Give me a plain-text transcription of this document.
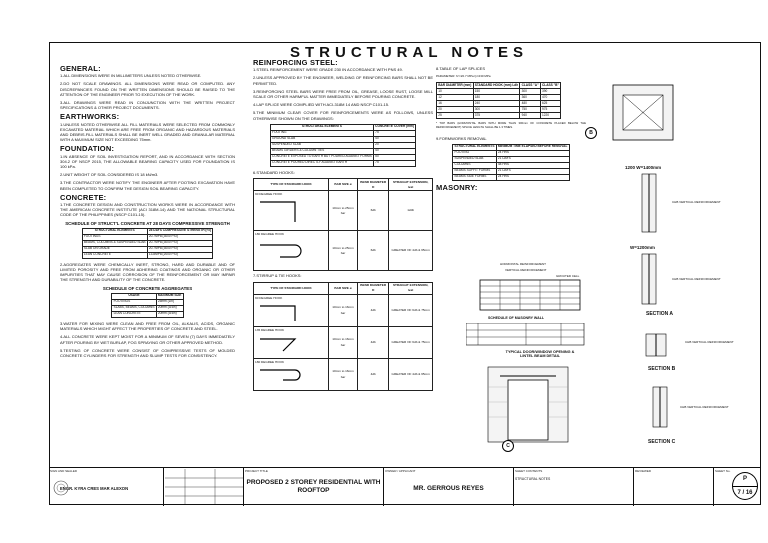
STRUCTURAL NOTES
GENERAL:

1.ALL DIMENSIONS WERE IN MILLIMETERS UNLESS NOTED OTHERWISE.

2.DO NOT SCALE DRAWINGS. ALL DIMENSIONS WERE READ OR COMPUTED. ANY DISCREPANCIES FOUND ON THE WRITTEN DIMENSIONS SHOULD BE RAISED TO THE ATTENTION OF THE ENGINEER PRIOR TO EXECUTION OF THE WORK.

3.ALL DRAWINGS WERE READ IN CONJUNCTION WITH THE WRITTEN PROJECT SPECIFICATIONS & OTHER PROJECT DOCUMENTS.

EARTHWORKS:

1.UNLESS NOTED OTHERWISE ALL FILL MATERIALS WERE SELECTED FROM COMMONLY EXCAVATED MATERIAL WHICH ARE FREE FROM ORGANIC AND HAZARDOUS MATERIALS AND DEBRIS.FILL MATERIALS SHALL BE INERT WELL GRADED AND GRANULAR MATERIAL WITH A MAXIMUM SIZE NOT EXCEEDING 75mm.

FOUNDATION:

1.IN ABSENCE OF SOIL INVESTIGATION REPORT, AND IN ACCORDANCE WITH SECTION 304.2 OF NSCP 2015, THE ALLOWABLE BEARING CAPACITY USED FOR FOUNDATION IS 100 kPa.

2.UNIT WEIGHT OF SOIL CONSIDERED IS 18 kN/m3.

3.THE CONTRACTOR WERE NOTIFY THE ENGINEER AFTER FOOTING EXCAVATION HAVE BEEN COMPLETED TO CONFIRM THE DESIGN SOIL BEARING CAPACITY.

CONCRETE:

1.THE CONCRETE DESIGN AND CONSTRUCTION WORKS WERE IN ACCORDANCE WITH THE AMERICAN CONCRETE INSTITUTE (ACI 318M-14) AND THE NATIONAL STRUCTURAL CODE OF THE PHILIPPINES (NSCP C101-15).

SCHEDULE OF STRUCT'L CONCRETE AT 28 DAYS COMPRESSIVE STRENGTH
STRUCTURAL ELEMENTS	28 DAYS COMPRESSIVE STRENGTH (f'c)
FOOTINGS	20.7MPa (3000 PSI)
BEAMS, COLUMNS & SUSPENDED SLAB	20.7MPa (3000 PSI)
SLAB ON GRADE	20.7MPa (3000 PSI)
LEAN CONCRETE	13.8MPa (2000 PSI)

2.AGGREGATES WERE CHEMICALLY INERT, STRONG, HARD AND DURABLE AND OF LIMITED POROSITY AND FREE FROM ADHERING COATINGS AND ORGANIC OR OTHER IMPURITIES THAT MAY CAUSE CORROSION OF THE REINFORCEMENT OR MAY IMPAIR THE STRENGTH AND DURABILITY OF THE CONCRETE.

SCHEDULE OF CONCRETE AGGREGATES
USAGE	MAXIMUM SIZE
FOOTINGS	25mm (1in)
SLABS, BEAMS, COLUMNS	20mm (3/4in)
LEAN CONCRETE	20mm (3/4in)

3.WATER FOR MIXING WERE CLEAN AND FREE FROM OIL, ALKALIS, ACIDS, ORGANIC MATERIALS WHICH MIGHT AFFECT THE PROPERTIES OF CONCRETE AND STEEL.

4.ALL CONCRETE WERE KEPT MOIST FOR A MINIMUM OF SEVEN (7) DAYS IMMEDIATELY AFTER POURING BY WET BURLAP, FOG SPRAYING OR OTHER APPROVED METHOD.

5.TESTING OF CONCRETE WERE CONSIST OF COMPRESSIVE TESTS OF MOLDED CONCRETE CYLINDERS FOR STRENGTH AND SLUMP TESTS FOR CONSISTENCY.

REINFORCING STEEL:

1.STEEL REINFORCEMENT WERE GRADE 230 IN ACCORDANCE WITH PNS 49.

2.UNLESS APPROVED BY THE ENGINEER, WELDING OF REINFORCING BARS SHALL NOT BE PERMITTED.

3.REINFORCING STEEL BARS WERE FREE FROM OIL, GREASE, LOOSE RUST, LOOSE MILL SCALE OR OTHER HARMFUL MATTER IMMEDIATELY BEFORE POURING CONCRETE.

4.LAP SPLICE WERE COMPLIED WITH ACI-318M 14 AND NSCP C101-15.

5.THE MINIMUM CLEAR COVER FOR REINFORCEMENTS WERE AS FOLLOWS, UNLESS OTHERWISE SHOWN ON THE DRAWINGS:

STRUCTURAL ELEMENTS	CONCRETE COVER (mm)
FOOTING	75
GROUND SLAB	40
SUSPENDED SLAB	20
BEAMS GIRDERS & COLUMN TIES	40
CONCRETE EXPOSED TO EARTH BUT POURED AGAINST FORMS	50
CONCRETE POURED DIRECTLY AGAINST EARTH	75

6.STANDARD HOOKS:

TYPE OF STANDARD HOOK	BAR SIZE ø	BEND DIAMETER D	STRAIGHT EXTENSION, lext
90 DEGREE HOOK	10mm to 25mm bar	6db	12db
180 DEGREE HOOK	10mm to 25mm bar	6db	GREATER OF 4db & 65mm

7.STIRRUP & TIE HOOKS:

TYPE OF STANDARD HOOK	BAR SIZE ø	BEND DIAMETER D	STRAIGHT EXTENSION, lext
90 DEGREE HOOK	10mm to 16mm bar	4db	GREATER OF 6db & 75mm
135 DEGREE HOOK	10mm to 16mm bar	4db	GREATER OF 6db & 75mm
180 DEGREE HOOK	10mm to 16mm bar	4db	GREATER OF 4db & 65mm

8.TABLE OF LAP SPLICES

PARAMETER: fc'=20.7 MPa fy=230 MPa

BAR DIAMETER (mm)	STANDARD HOOK (mm) Ldh	CLASS "A"	CLASS "B"
10	150	300	390
12	180	360	470
16	240	480	625
20	300	750	975
25	375	940	1220

* TOP BARS (HORIZONTAL BARS WITH MORE THAN 300mm OF CONCRETE PLACED BELOW THE REINFORCEMENT) SPLICE LENGTH SHALL BE 1.3 TIMES.

9.FORMWORKS REMOVAL

STRUCTURAL ELEMENTS	MINIMUM TIME ELAPSED BEFORE REMOVAL
FOOTING	24 HRS
SUSPENDED SLAB	21 DAYS
COLUMNS	48 HRS
BEAMS SOFFIT FORMS	21 DAYS
BEAMS SIDE FORMS	24 HRS
MASONRY:
HORIZONTAL REINFORCEMENT
VERTICAL REINFORCEMENT
GROUTED CELL
SCHEDULE OF MASONRY WALL
TYPICAL DOOR/WINDOW OPENING & LINTEL BEAM DETAIL
B
1200 W=1400mm
CHB VERTICAL REINFORCEMENT
W=1200mm
CHB VERTICAL REINFORCEMENT
SECTION A
CHB VERTICAL REINFORCEMENT
SECTION B
CHB VERTICAL REINFORCEMENT
SECTION C
C
SIGN AND SEALED
ENGR. KYRA CRES MAR ALEXON
PROJECT TITLE
PROPOSED 2 STOREY RESIDENTIAL WITH ROOFTOP
OWNER / APPLICANT
MR. GERROUS REYES
SHEET CONTENTS
STRUCTURAL NOTES
REVIEWED	SHEET No.
P
7 / 16
